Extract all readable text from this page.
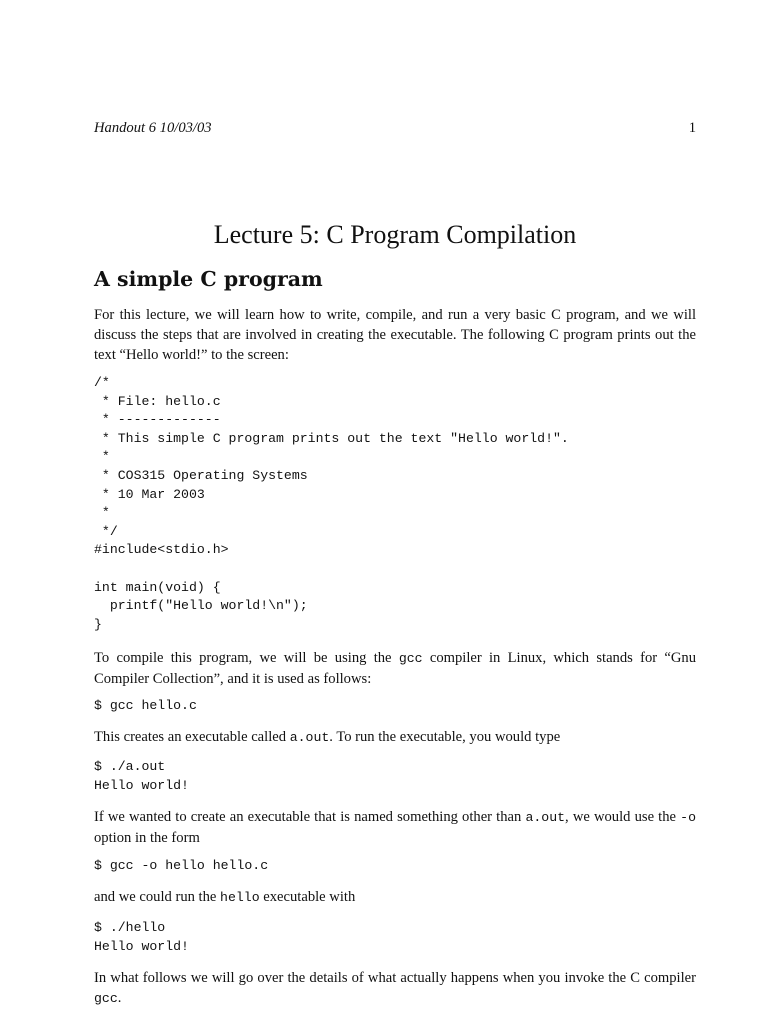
Handout 6 10/03/03	1
Lecture 5: C Program Compilation
A simple C program

For this lecture, we will learn how to write, compile, and run a very basic C program, and we will discuss the steps that are involved in creating the executable. The following C program prints out the text “Hello world!” to the screen:

/*
* File: hello.c
* -------------
* This simple C program prints out the text "Hello world!".
*
* COS315 Operating Systems
* 10 Mar 2003
*
*/
#include<stdio.h>

int main(void) {
printf("Hello world!\n");
}

To compile this program, we will be using the gcc compiler in Linux, which stands for “Gnu Compiler Collection”, and it is used as follows:

$ gcc hello.c

This creates an executable called a.out. To run the executable, you would type

$ ./a.out
Hello world!

If we wanted to create an executable that is named something other than a.out, we would use the -o option in the form

$ gcc -o hello hello.c

and we could run the hello executable with

$ ./hello
Hello world!

In what follows we will go over the details of what actually happens when you invoke the C compiler gcc.
